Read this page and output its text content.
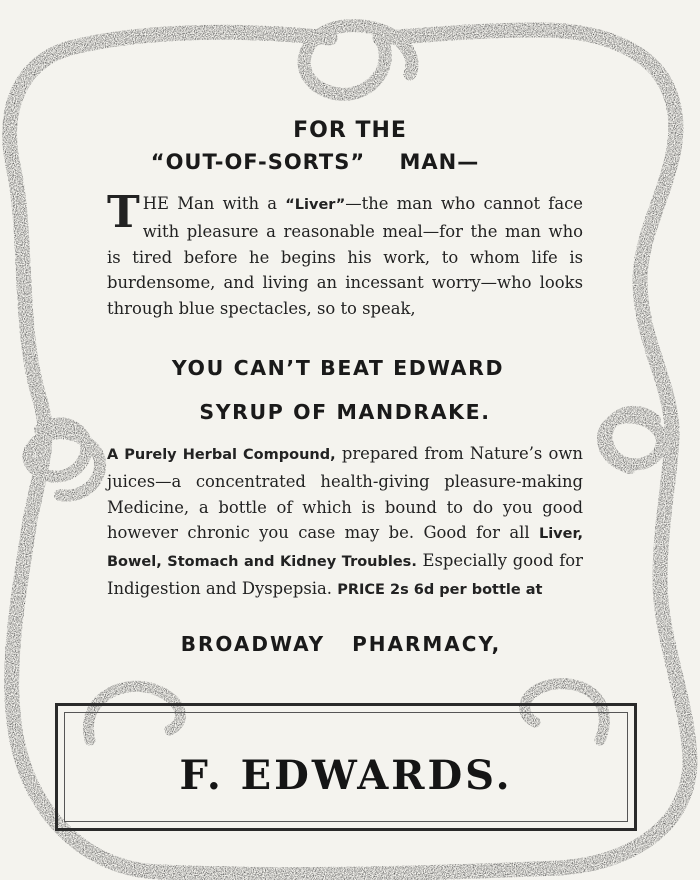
FOR THE
“OUT-OF-SORTS” MAN—
THE Man with a “Liver”—the man who cannot face with pleasure a reasonable meal—for the man who is tired before he begins his work, to whom life is burdensome, and living an incessant worry—who looks through blue spectacles, so to speak,
YOU CAN’T BEAT EDWARD
SYRUP OF MANDRAKE.
A Purely Herbal Compound, prepared from Nature’s own juices—a concentrated health-giving pleasure-making Medicine, a bottle of which is bound to do you good however chronic you case may be. Good for all Liver, Bowel, Stomach and Kidney Troubles. Especially good for Indigestion and Dyspepsia. PRICE 2s 6d per bottle at
BROADWAY PHARMACY,
F. EDWARDS.
